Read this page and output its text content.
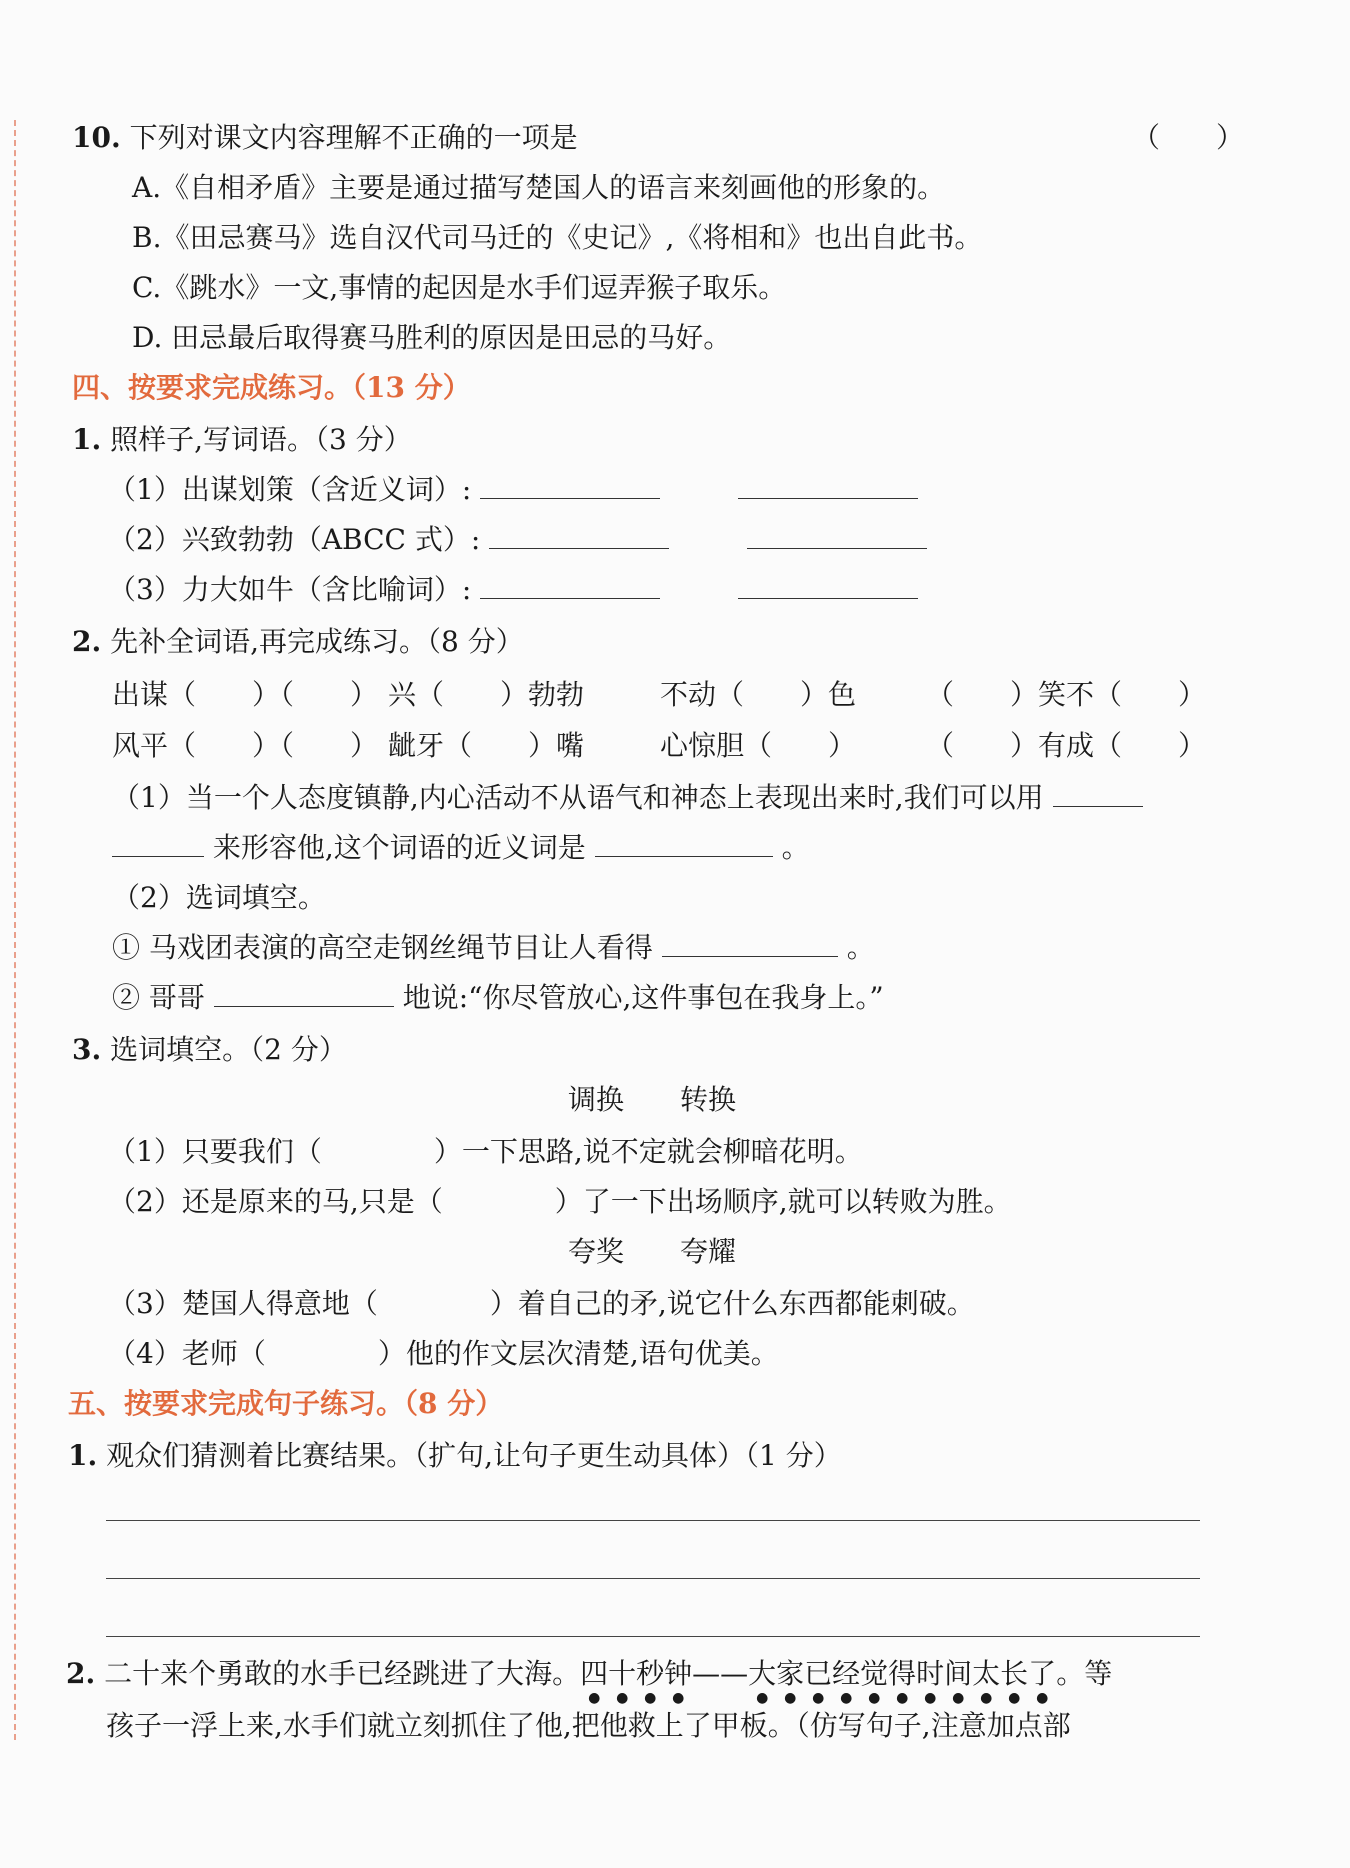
10. 下列对课文内容理解不正确的一项是	（　　）
A.《自相矛盾》主要是通过描写楚国人的语言来刻画他的形象的。
B.《田忌赛马》选自汉代司马迁的《史记》,《将相和》也出自此书。
C.《跳水》一文,事情的起因是水手们逗弄猴子取乐。
D. 田忌最后取得赛马胜利的原因是田忌的马好。
四、按要求完成练习。（13 分）
1. 照样子,写词语。（3 分）
（1）出谋划策（含近义词）:
（2）兴致勃勃（ABCC 式）:
（3）力大如牛（含比喻词）:
2. 先补全词语,再完成练习。（8 分）
出谋（　　）（　　） 兴（　　）勃勃	不动（　　）色 （　　）笑不（　　）
风平（　　）（　　） 龇牙（　　）嘴	心惊胆（　　） （　　）有成（　　）
（1）当一个人态度镇静,内心活动不从语气和神态上表现出来时,我们可以用
来形容他,这个词语的近义词是	。
（2）选词填空。
① 马戏团表演的高空走钢丝绳节目让人看得	。
② 哥哥	地说:“你尽管放心,这件事包在我身上。”
3. 选词填空。（2 分）
调换　　转换
（1）只要我们（　　　　）一下思路,说不定就会柳暗花明。
（2）还是原来的马,只是（　　　　）了一下出场顺序,就可以转败为胜。
夸奖　　夸耀
（3）楚国人得意地（　　　　）着自己的矛,说它什么东西都能刺破。
（4）老师（　　　　）他的作文层次清楚,语句优美。
五、按要求完成句子练习。（8 分）
1. 观众们猜测着比赛结果。（扩句,让句子更生动具体）（1 分）
2. 二十来个勇敢的水手已经跳进了大海。四十秒钟——大家已经觉得时间太长了。等
孩子一浮上来,水手们就立刻抓住了他,把他救上了甲板。（仿写句子,注意加点部
